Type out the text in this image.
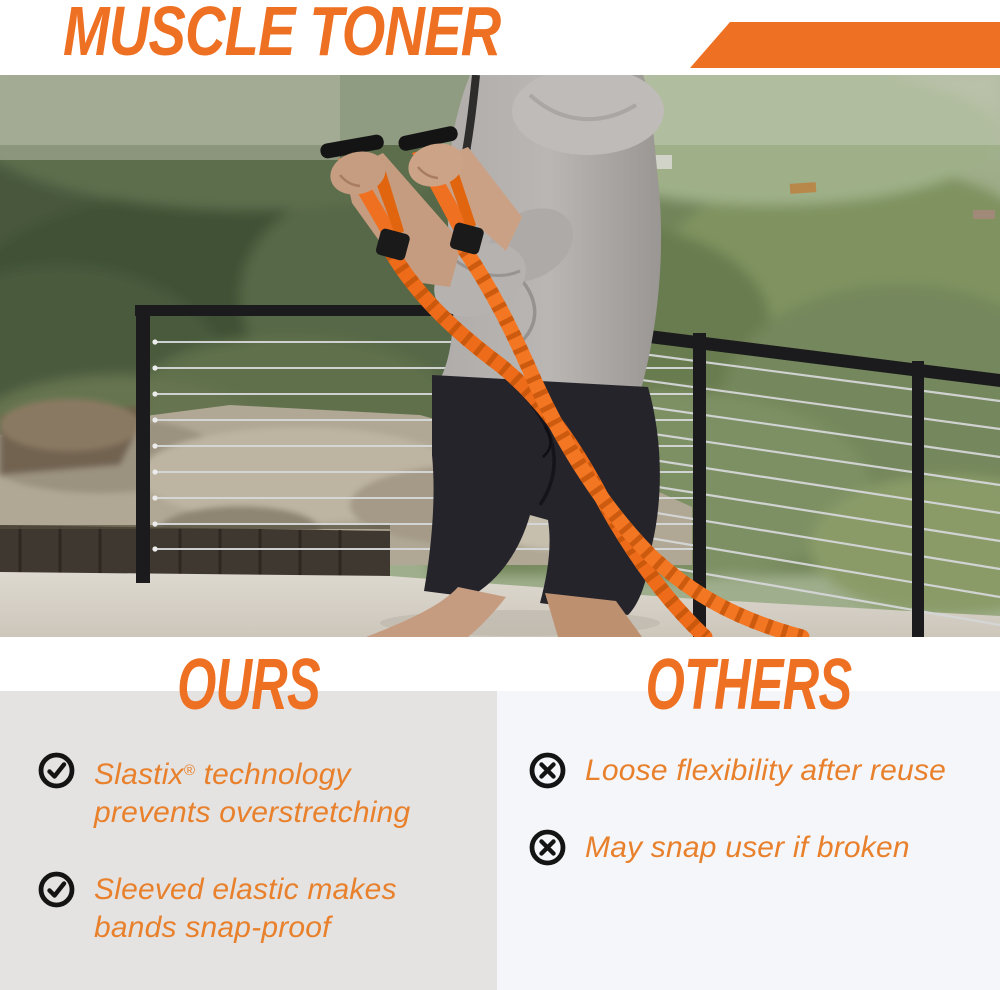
MUSCLE TONER
OURS	OTHERS
Slastix® technology
prevents overstretching
Sleeved elastic makes
bands snap-proof
Loose flexibility after reuse
May snap user if broken
